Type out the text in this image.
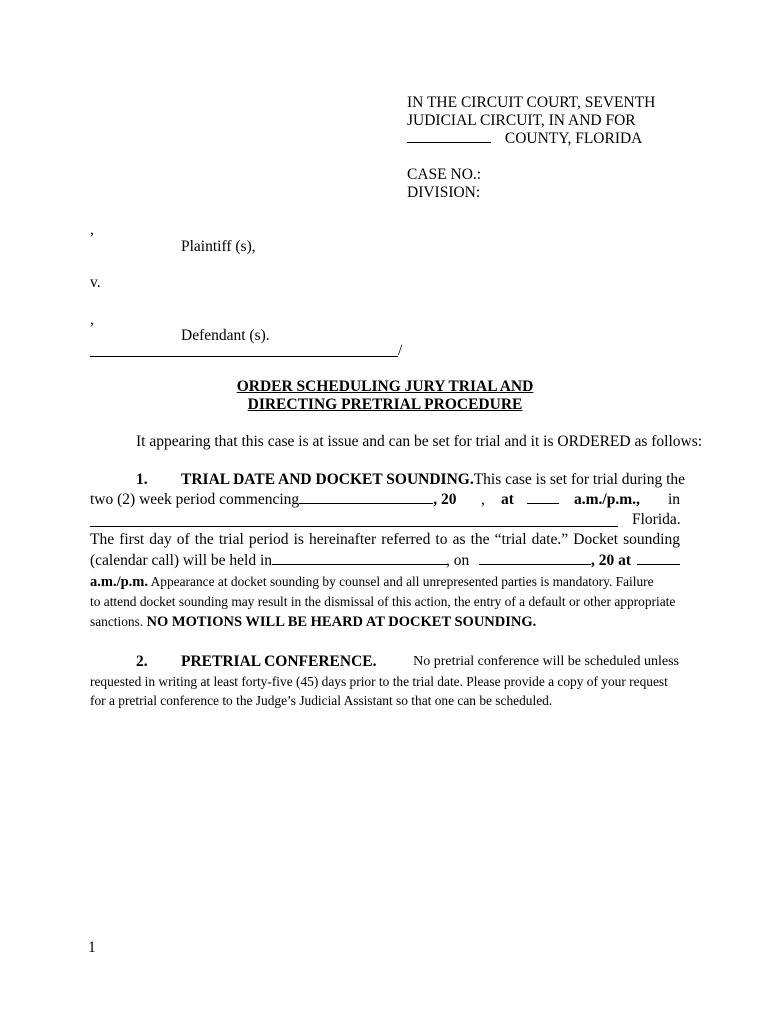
IN THE CIRCUIT COURT, SEVENTH
JUDICIAL CIRCUIT, IN AND FOR
COUNTY, FLORIDA
CASE NO.:
DIVISION:
,
Plaintiff (s),
v.
,
Defendant (s).
/
ORDER SCHEDULING JURY TRIAL AND
DIRECTING PRETRIAL PROCEDURE
It appearing that this case is at issue and can be set for trial and it is ORDERED as follows:
1. TRIAL DATE AND DOCKET SOUNDING. This case is set for trial during the
two (2) week period commencing	, 20 , at	a.m./p.m., in
Florida.
The first day of the trial period is hereinafter referred to as the “trial date.” Docket sounding
(calendar call) will be held in	, on	, 20 at
a.m./p.m. Appearance at docket sounding by counsel and all unrepresented parties is mandatory. Failure
to attend docket sounding may result in the dismissal of this action, the entry of a default or other appropriate
sanctions. NO MOTIONS WILL BE HEARD AT DOCKET SOUNDING.
2. PRETRIAL CONFERENCE.	No pretrial conference will be scheduled unless
requested in writing at least forty-five (45) days prior to the trial date. Please provide a copy of your request
for a pretrial conference to the Judge’s Judicial Assistant so that one can be scheduled.
1
